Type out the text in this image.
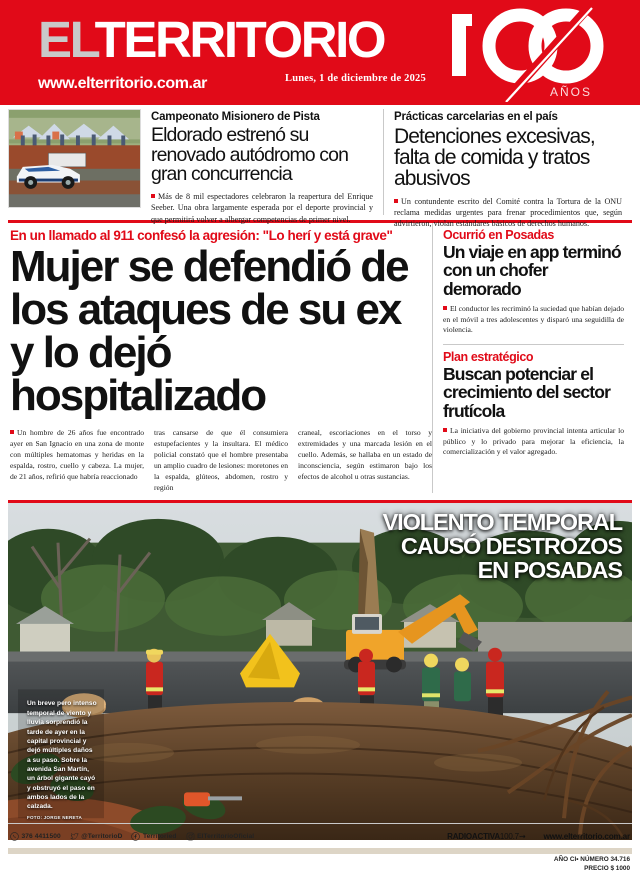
ELTERRITORIO
www.elterritorio.com.ar	Lunes, 1 de diciembre de 2025
AÑOS
Campeonato Misionero de Pista
Eldorado estrenó su renovado autódromo con gran concurrencia
Más de 8 mil espectadores celebraron la reapertura del Enrique Seeber. Una obra largamente esperada por el deporte provincial y que permitirá volver a albergar competencias de primer nivel.
Prácticas carcelarias en el país
Detenciones excesivas, falta de comida y tratos abusivos
Un contundente escrito del Comité contra la Tortura de la ONU reclama medidas urgentes para frenar procedimientos que, según advirtieron, violan estándares básicos de derechos humanos.
En un llamado al 911 confesó la agresión: "Lo herí y está grave"
Mujer se defendió de los ataques de su ex y lo dejó hospitalizado
Un hombre de 26 años fue encontrado ayer en San Ignacio en una zona de monte con múltiples hematomas y heridas en la espalda, rostro, cuello y cabeza. La mujer, de 21 años, refirió que habría reaccionado
tras cansarse de que él consumiera estupefacientes y la insultara. El médico policial constató que el hombre presentaba un amplio cuadro de lesiones: moretones en la espalda, glúteos, abdomen, rostro y región
craneal, escoriaciones en el torso y extremidades y una marcada lesión en el cuello. Además, se hallaba en un estado de inconsciencia, según estimaron bajo los efectos de alcohol u otras sustancias.
Ocurrió en Posadas
Un viaje en app terminó con un chofer demorado
El conductor les recriminó la suciedad que habían dejado en el móvil a tres adolescentes y disparó una seguidilla de violencia.
Plan estratégico
Buscan potenciar el crecimiento del sector frutícola
La iniciativa del gobierno provincial intenta articular lo público y lo privado para mejorar la eficiencia, la comercialización y el valor agregado.
VIOLENTO TEMPORAL
CAUSÓ DESTROZOS
EN POSADAS
Un breve pero intenso temporal de viento y lluvia sorprendió la tarde de ayer en la capital provincial y dejó múltiples daños a su paso. Sobre la avenida San Martín, un árbol gigante cayó y obstruyó el paso en ambos lados de la calzada.
FOTO: JORGE NERETA
376 4411500	@TerritorioD	Territoried	ElTerritorioOficial	RADIOACTIVA100.7⇝ www.elterritorio.com.ar
AÑO CI• NÚMERO 34.716
PRECIO $ 1000
